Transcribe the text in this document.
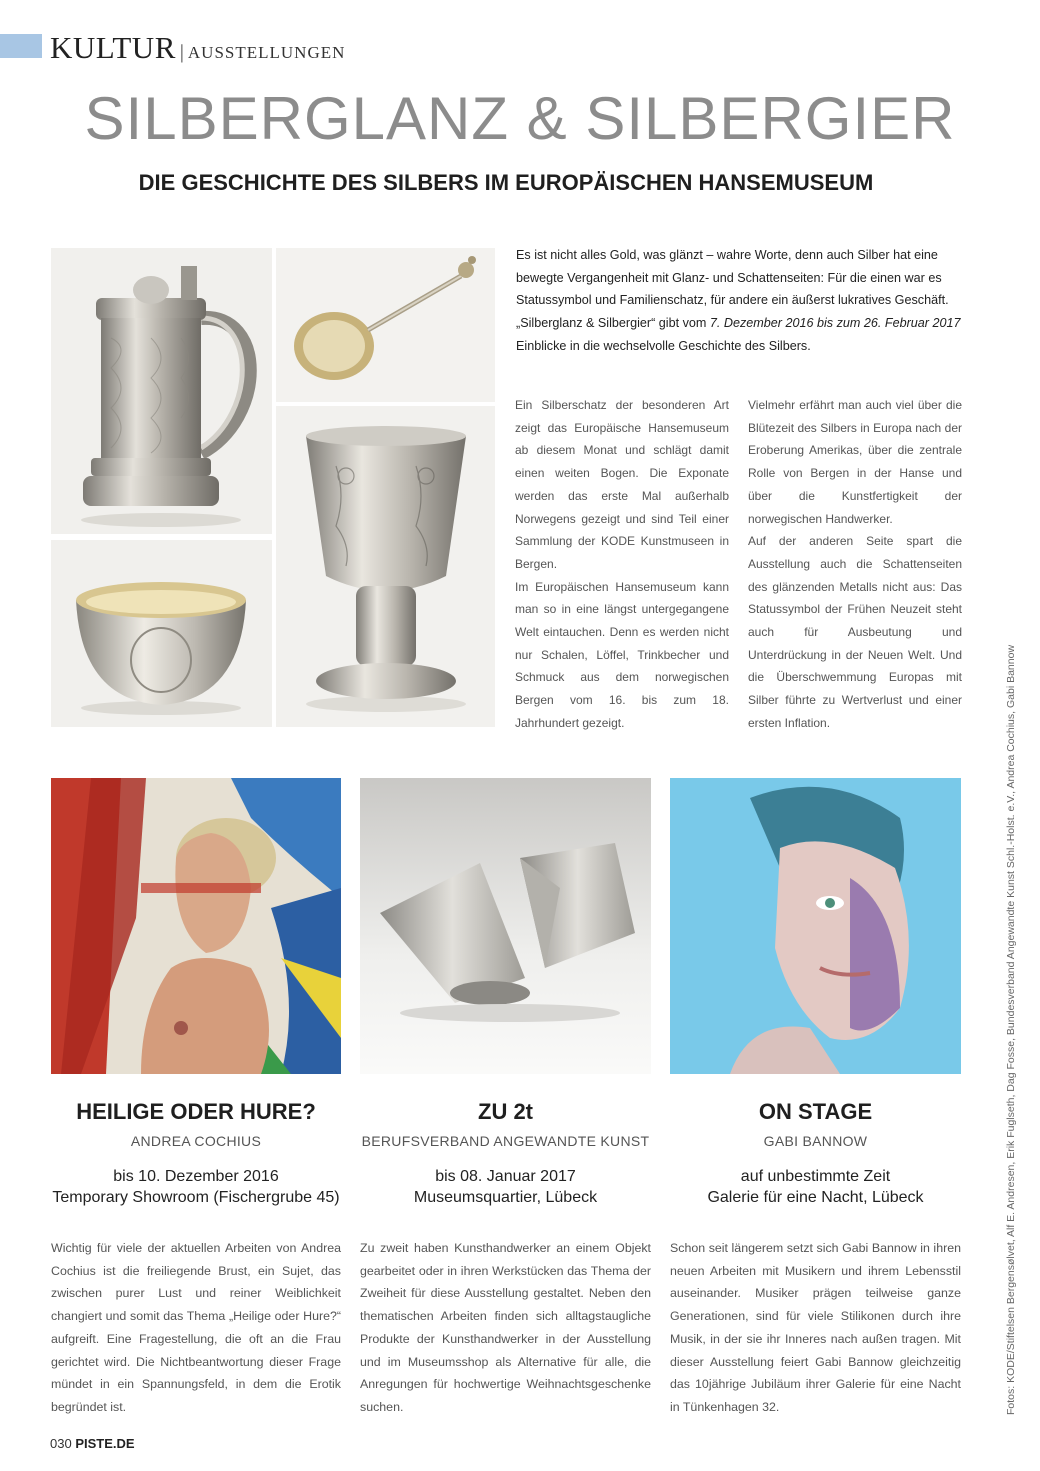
KULTUR | AUSSTELLUNGEN
SILBERGLANZ & SILBERGIER
DIE GESCHICHTE DES SILBERS IM EUROPÄISCHEN HANSEMUSEUM
Es ist nicht alles Gold, was glänzt – wahre Worte, denn auch Silber hat eine bewegte Vergangenheit mit Glanz- und Schattenseiten: Für die einen war es Statussymbol und Familienschatz, für andere ein äußerst lukratives Geschäft. „Silberglanz & Silbergier“ gibt vom 7. Dezember 2016 bis zum 26. Februar 2017 Einblicke in die wechselvolle Geschichte des Silbers.

Ein Silberschatz der besonderen Art zeigt das Europäische Hansemuseum ab diesem Monat und schlägt damit einen weiten Bogen. Die Exponate werden das erste Mal außerhalb Norwegens gezeigt und sind Teil einer Sammlung der KODE Kunstmuseen in Bergen.

Im Europäischen Hansemuseum kann man so in eine längst untergegangene Welt eintauchen. Denn es werden nicht nur Schalen, Löffel, Trinkbecher und Schmuck aus dem norwegischen Bergen vom 16. bis zum 18. Jahrhundert gezeigt.

Vielmehr erfährt man auch viel über die Blütezeit des Silbers in Europa nach der Eroberung Amerikas, über die zentrale Rolle von Bergen in der Hanse und über die Kunstfertigkeit der norwegischen Handwerker.

Auf der anderen Seite spart die Ausstellung auch die Schattenseiten des glänzenden Metalls nicht aus: Das Statussymbol der Frühen Neuzeit steht auch für Ausbeutung und Unterdrückung in der Neuen Welt. Und die Überschwemmung Europas mit Silber führte zu Wertverlust und einer ersten Inflation.

HEILIGE ODER HURE?
ANDREA COCHIUS
bis 10. Dezember 2016
Temporary Showroom (Fischergrube 45)
Wichtig für viele der aktuellen Arbeiten von Andrea Cochius ist die freiliegende Brust, ein Sujet, das zwischen purer Lust und reiner Weiblichkeit changiert und somit das Thema „Heilige oder Hure?“ aufgreift. Eine Fragestellung, die oft an die Frau gerichtet wird. Die Nichtbeantwortung dieser Frage mündet in ein Spannungsfeld, in dem die Erotik begründet ist.
ZU 2t
BERUFSVERBAND ANGEWANDTE KUNST
bis 08. Januar 2017
Museumsquartier, Lübeck
Zu zweit haben Kunsthandwerker an einem Objekt gearbeitet oder in ihren Werkstücken das Thema der Zweiheit für diese Ausstellung gestaltet. Neben den thematischen Arbeiten finden sich alltagstaugliche Produkte der Kunsthandwerker in der Ausstellung und im Museumsshop als Alternative für alle, die Anregungen für hochwertige Weihnachtsgeschenke suchen.
ON STAGE
GABI BANNOW
auf unbestimmte Zeit
Galerie für eine Nacht, Lübeck
Schon seit längerem setzt sich Gabi Bannow in ihren neuen Arbeiten mit Musikern und ihrem Lebensstil auseinander. Musiker prägen teilweise ganze Generationen, sind für viele Stilikonen durch ihre Musik, in der sie ihr Inneres nach außen tragen. Mit dieser Ausstellung feiert Gabi Bannow gleichzeitig das 10jährige Jubiläum ihrer Galerie für eine Nacht in Tünkenhagen 32.	Fotos: KODE/Stiftelsen Bergensølvet, Alf E. Andresen, Erik Fuglseth, Dag Fosse, Bundesverband Angewandte Kunst Schl.-Holst. e.V., Andrea Cochius, Gabi Bannow
030 PISTE.DE
